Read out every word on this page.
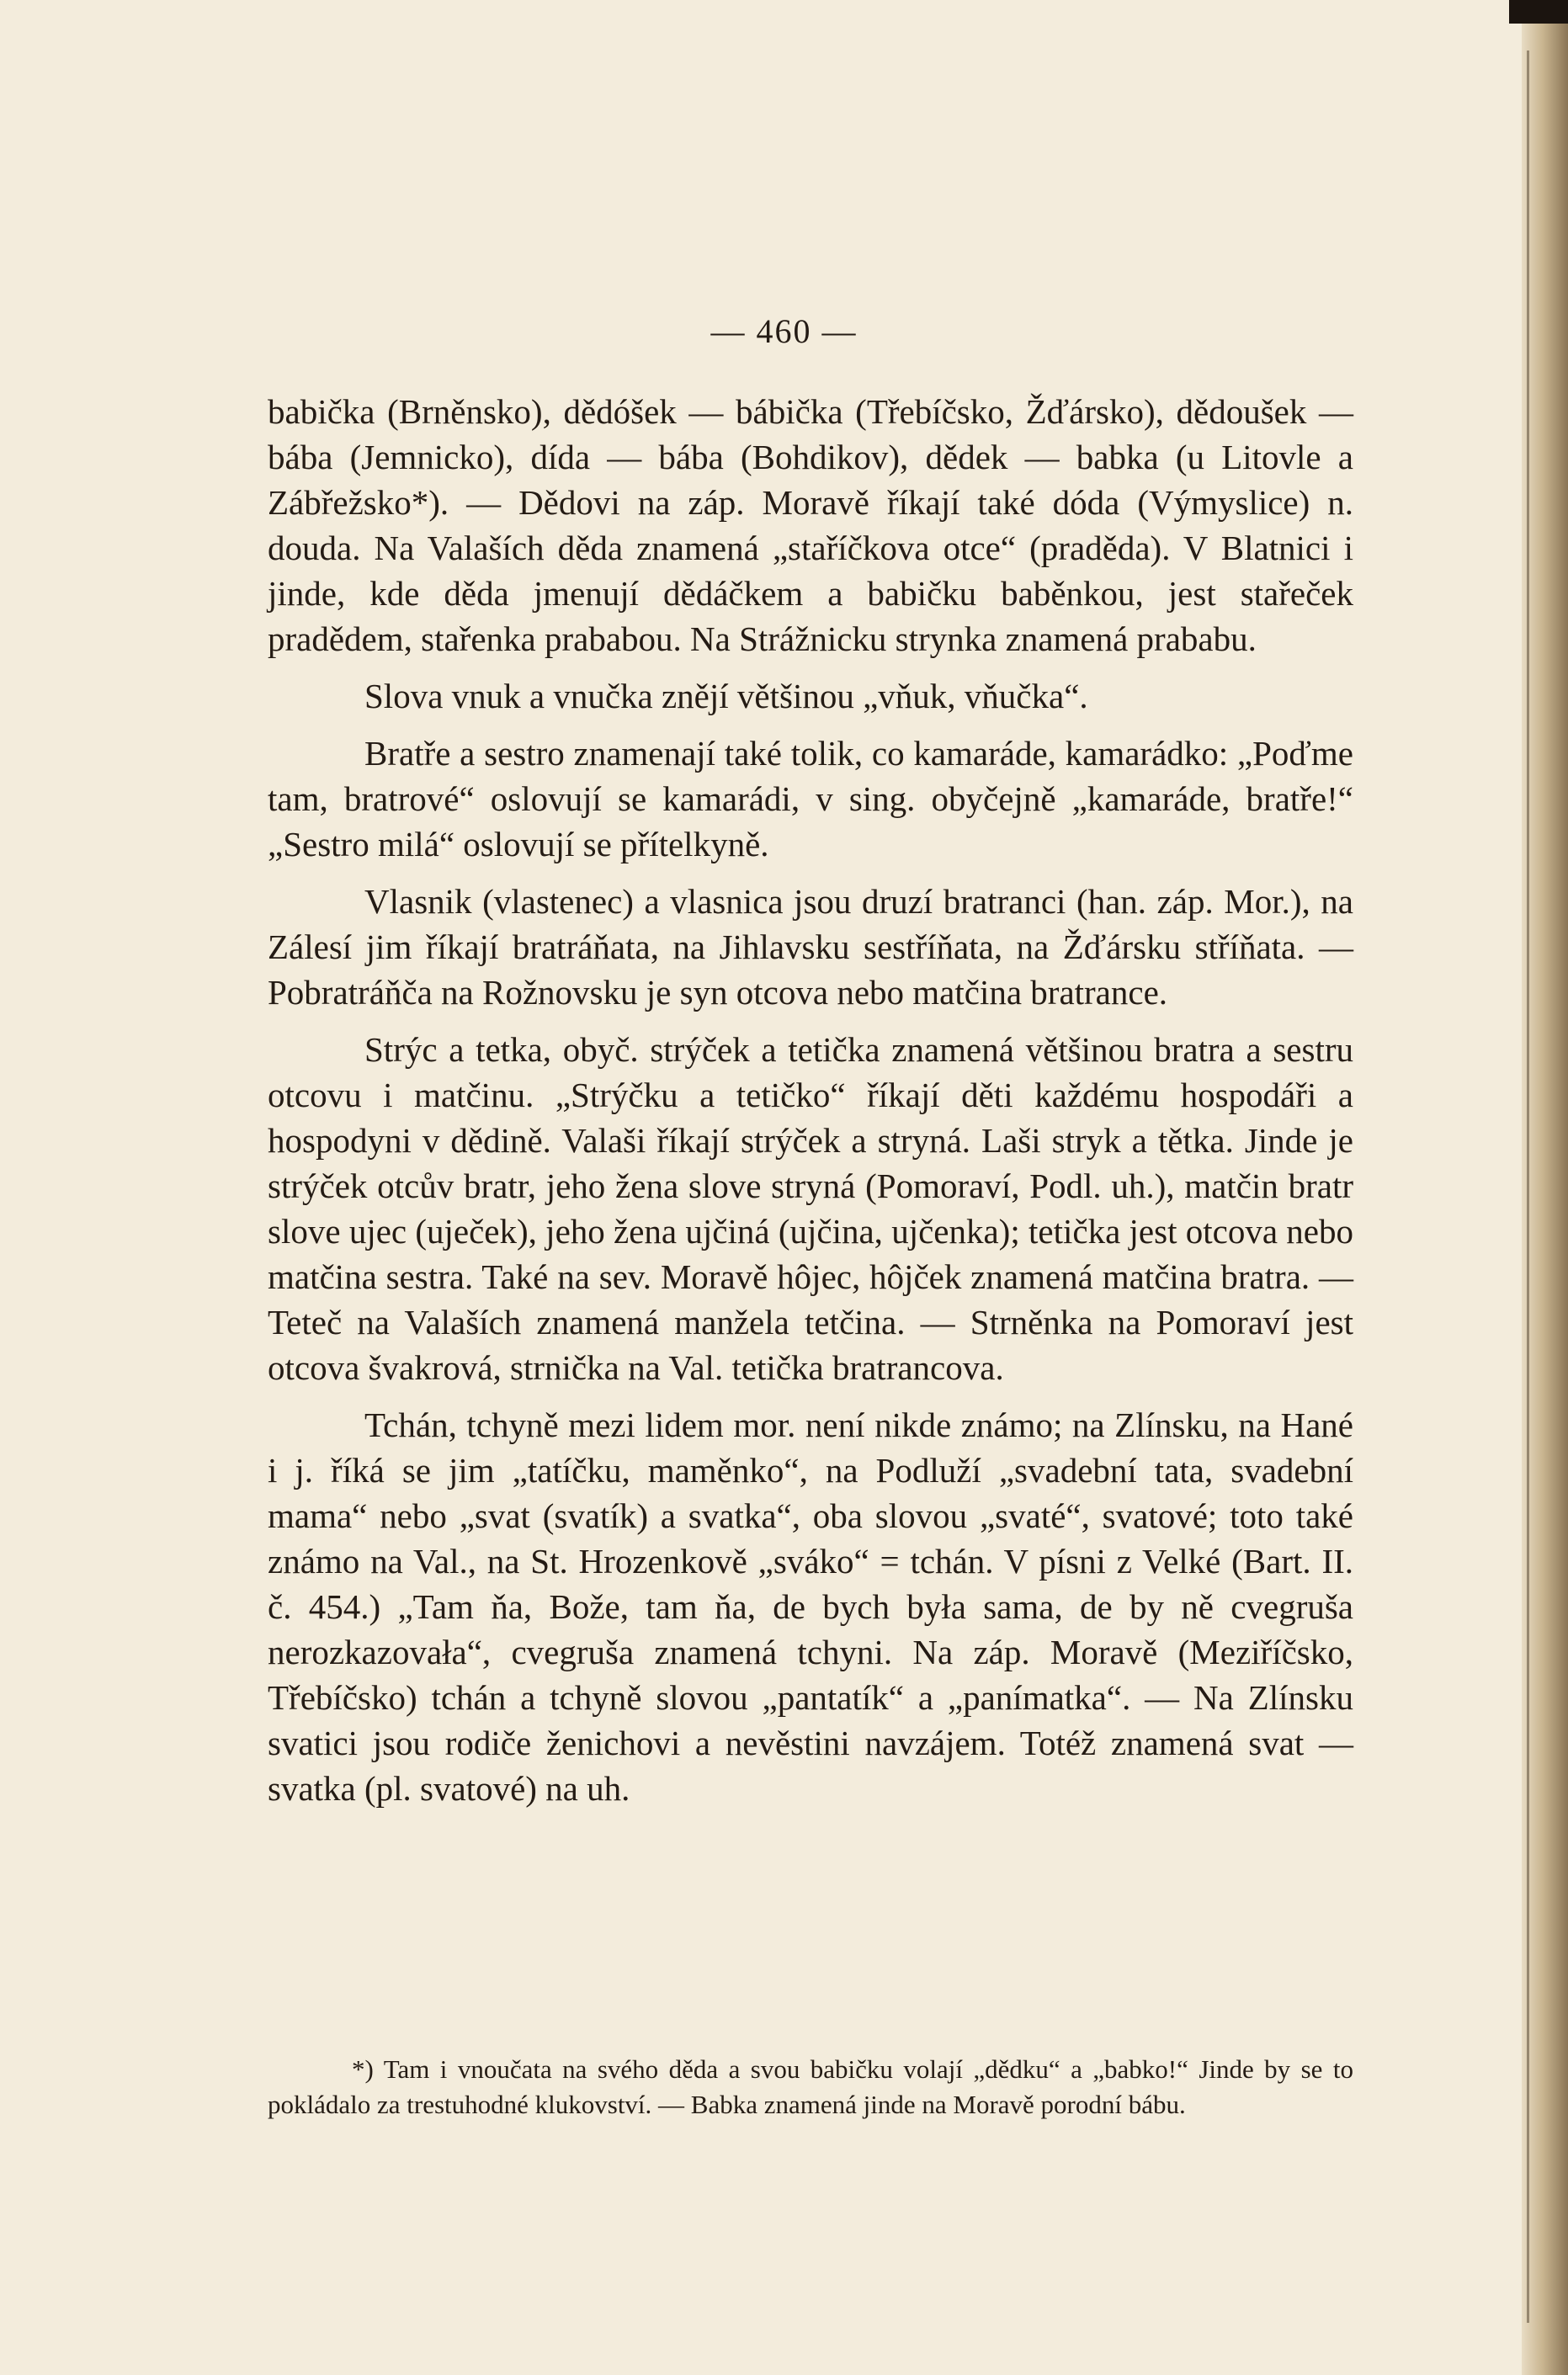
— 460 —

babička (Brněnsko), dědóšek — bábička (Třebíčsko, Žďársko), dědoušek — bába (Jemnicko), dída — bába (Bohdikov), dědek — babka (u Litovle a Zábřežsko*). — Dědovi na záp. Moravě říkají také dóda (Výmyslice) n. douda. Na Valaších děda znamená „staříčkova otce“ (praděda). V Blatnici i jinde, kde děda jmenují dědáčkem a babičku baběnkou, jest stařeček pradědem, stařenka prababou. Na Strážnicku strynka znamená prababu.

Slova vnuk a vnučka znějí většinou „vňuk, vňučka“.

Bratře a sestro znamenají také tolik, co kamaráde, kamarádko: „Poďme tam, bratrové“ oslovují se kamarádi, v sing. obyčejně „kamaráde, bratře!“ „Sestro milá“ oslovují se přítelkyně.

Vlasnik (vlastenec) a vlasnica jsou druzí bratranci (han. záp. Mor.), na Zálesí jim říkají bratráňata, na Jihlavsku sestříňata, na Žďársku stříňata. — Pobratráňča na Rožnovsku je syn otcova nebo matčina bratrance.

Strýc a tetka, obyč. strýček a tetička znamená většinou bratra a sestru otcovu i matčinu. „Strýčku a tetičko“ říkají děti každému hospodáři a hospodyni v dědině. Valaši říkají strýček a stryná. Laši stryk a tětka. Jinde je strýček otcův bratr, jeho žena slove stryná (Pomoraví, Podl. uh.), matčin bratr slove ujec (uječek), jeho žena ujčiná (ujčina, ujčenka); tetička jest otcova nebo matčina sestra. Také na sev. Moravě hôjec, hôjček znamená matčina bratra. — Teteč na Valaších znamená manžela tetčina. — Strněnka na Pomoraví jest otcova švakrová, strnička na Val. tetička bratrancova.

Tchán, tchyně mezi lidem mor. není nikde známo; na Zlínsku, na Hané i j. říká se jim „tatíčku, maměnko“, na Podluží „svadební tata, svadební mama“ nebo „svat (svatík) a svatka“, oba slovou „svaté“, svatové; toto také známo na Val., na St. Hrozenkově „sváko“ = tchán. V písni z Velké (Bart. II. č. 454.) „Tam ňa, Bože, tam ňa, de bych była sama, de by ně cvegruša nerozkazovała“, cvegruša znamená tchyni. Na záp. Moravě (Meziříčsko, Třebíčsko) tchán a tchyně slovou „pantatík“ a „panímatka“. — Na Zlínsku svatici jsou rodiče ženichovi a nevěstini navzájem. Totéž znamená svat — svatka (pl. svatové) na uh.

*) Tam i vnoučata na svého děda a svou babičku volají „dědku“ a „babko!“ Jinde by se to pokládalo za trestuhodné klukovství. — Babka znamená jinde na Moravě porodní bábu.
